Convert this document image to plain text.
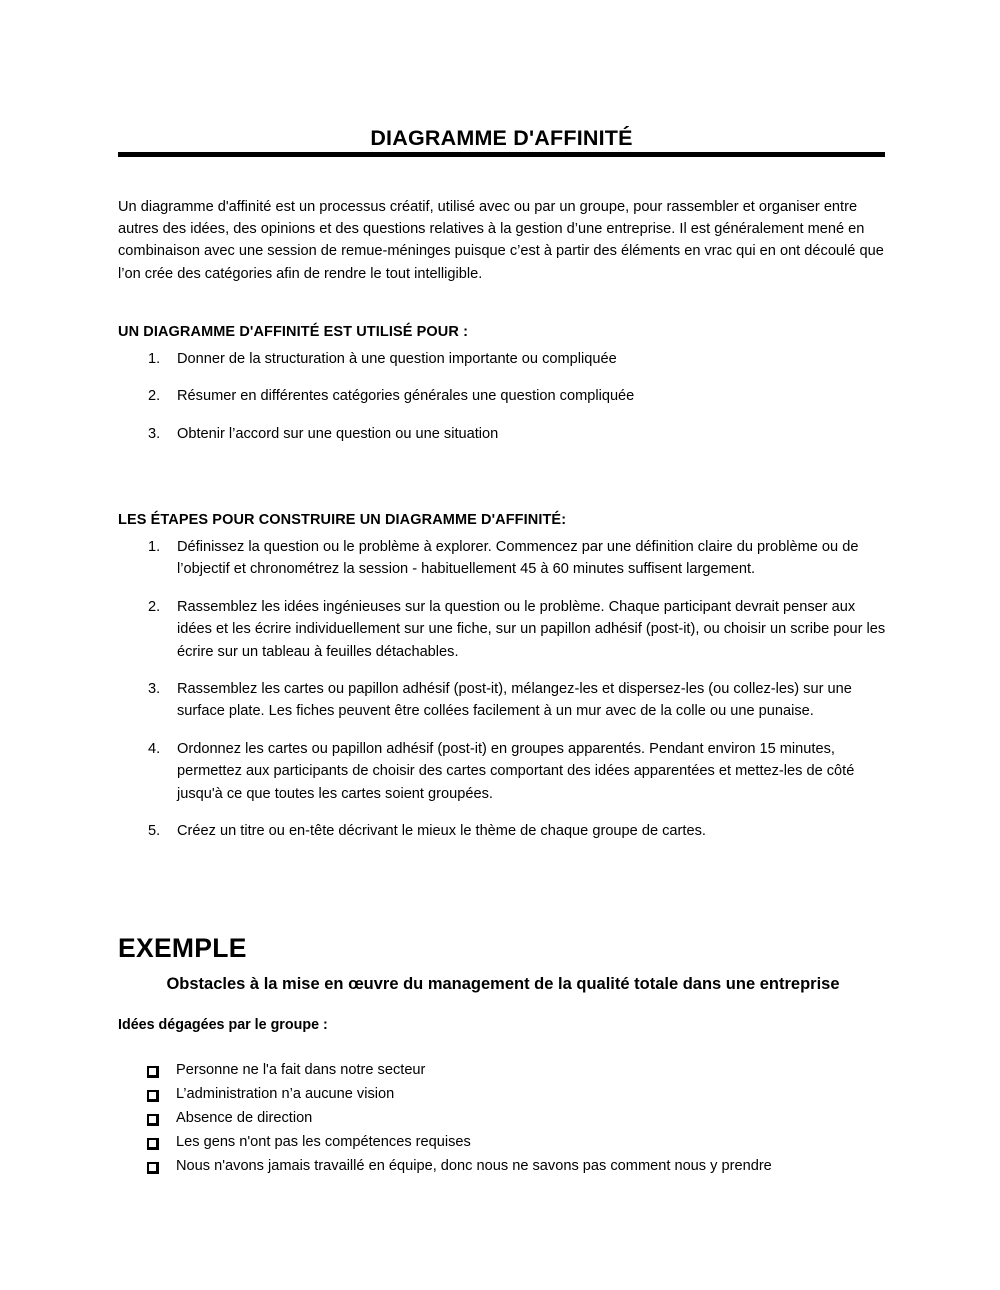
DIAGRAMME D'AFFINITÉ

Un diagramme d'affinité est un processus créatif, utilisé avec ou par un groupe, pour rassembler et organiser entre autres des idées, des opinions et des questions relatives à la gestion d’une entreprise. Il est généralement mené en combinaison avec une session de remue-méninges puisque c’est à partir des éléments en vrac qui en ont découlé que l’on crée des catégories afin de rendre le tout intelligible.

UN DIAGRAMME D'AFFINITÉ EST UTILISÉ POUR :
1.	Donner de la structuration à une question importante ou compliquée
2.	Résumer en différentes catégories générales une question compliquée
3.	Obtenir l’accord sur une question ou une situation
LES ÉTAPES POUR CONSTRUIRE UN DIAGRAMME D'AFFINITÉ:
1.	Définissez la question ou le problème à explorer. Commencez par une définition claire du problème ou de l’objectif et chronométrez la session - habituellement 45 à 60 minutes suffisent largement.
2.	Rassemblez les idées ingénieuses sur la question ou le problème. Chaque participant devrait penser aux idées et les écrire individuellement sur une fiche, sur un papillon adhésif (post-it), ou choisir un scribe pour les écrire sur un tableau à feuilles détachables.
3.	Rassemblez les cartes ou papillon adhésif (post-it), mélangez-les et dispersez-les (ou collez-les) sur une surface plate. Les fiches peuvent être collées facilement à un mur avec de la colle ou une punaise.
4.	Ordonnez les cartes ou papillon adhésif (post-it) en groupes apparentés. Pendant environ 15 minutes, permettez aux participants de choisir des cartes comportant des idées apparentées et mettez-les de côté jusqu'à ce que toutes les cartes soient groupées.
5.	Créez un titre ou en-tête décrivant le mieux le thème de chaque groupe de cartes.
EXEMPLE
Obstacles à la mise en œuvre du management de la qualité totale dans une entreprise
Idées dégagées par le groupe :
Personne ne l'a fait dans notre secteur
L’administration n’a aucune vision
Absence de direction
Les gens n'ont pas les compétences requises
Nous n'avons jamais travaillé en équipe, donc nous ne savons pas comment nous y prendre
